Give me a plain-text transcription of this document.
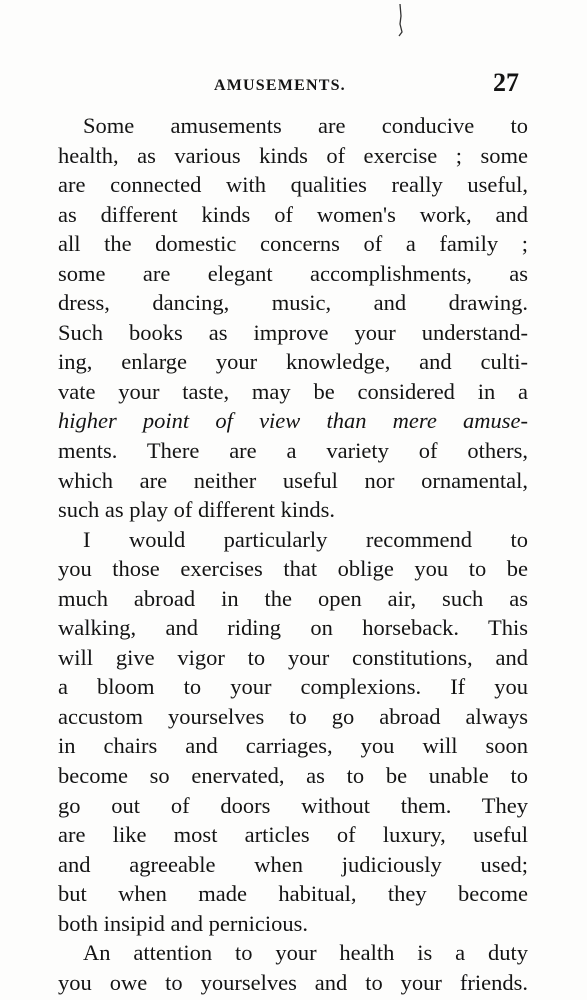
AMUSEMENTS.	27
Some amusements are conducive to
health, as various kinds of exercise ; some
are connected with qualities really useful,
as different kinds of women's work, and
all the domestic concerns of a family ;
some are elegant accomplishments, as
dress, dancing, music, and drawing.
Such books as improve your understand-
ing, enlarge your knowledge, and culti-
vate your taste, may be considered in a
higher point of view than mere amuse-
ments. There are a variety of others,
which are neither useful nor ornamental,
such as play of different kinds.
I would particularly recommend to
you those exercises that oblige you to be
much abroad in the open air, such as
walking, and riding on horseback. This
will give vigor to your constitutions, and
a bloom to your complexions. If you
accustom yourselves to go abroad always
in chairs and carriages, you will soon
become so enervated, as to be unable to
go out of doors without them. They
are like most articles of luxury, useful
and agreeable when judiciously used;
but when made habitual, they become
both insipid and pernicious.
An attention to your health is a duty
you owe to yourselves and to your friends.
